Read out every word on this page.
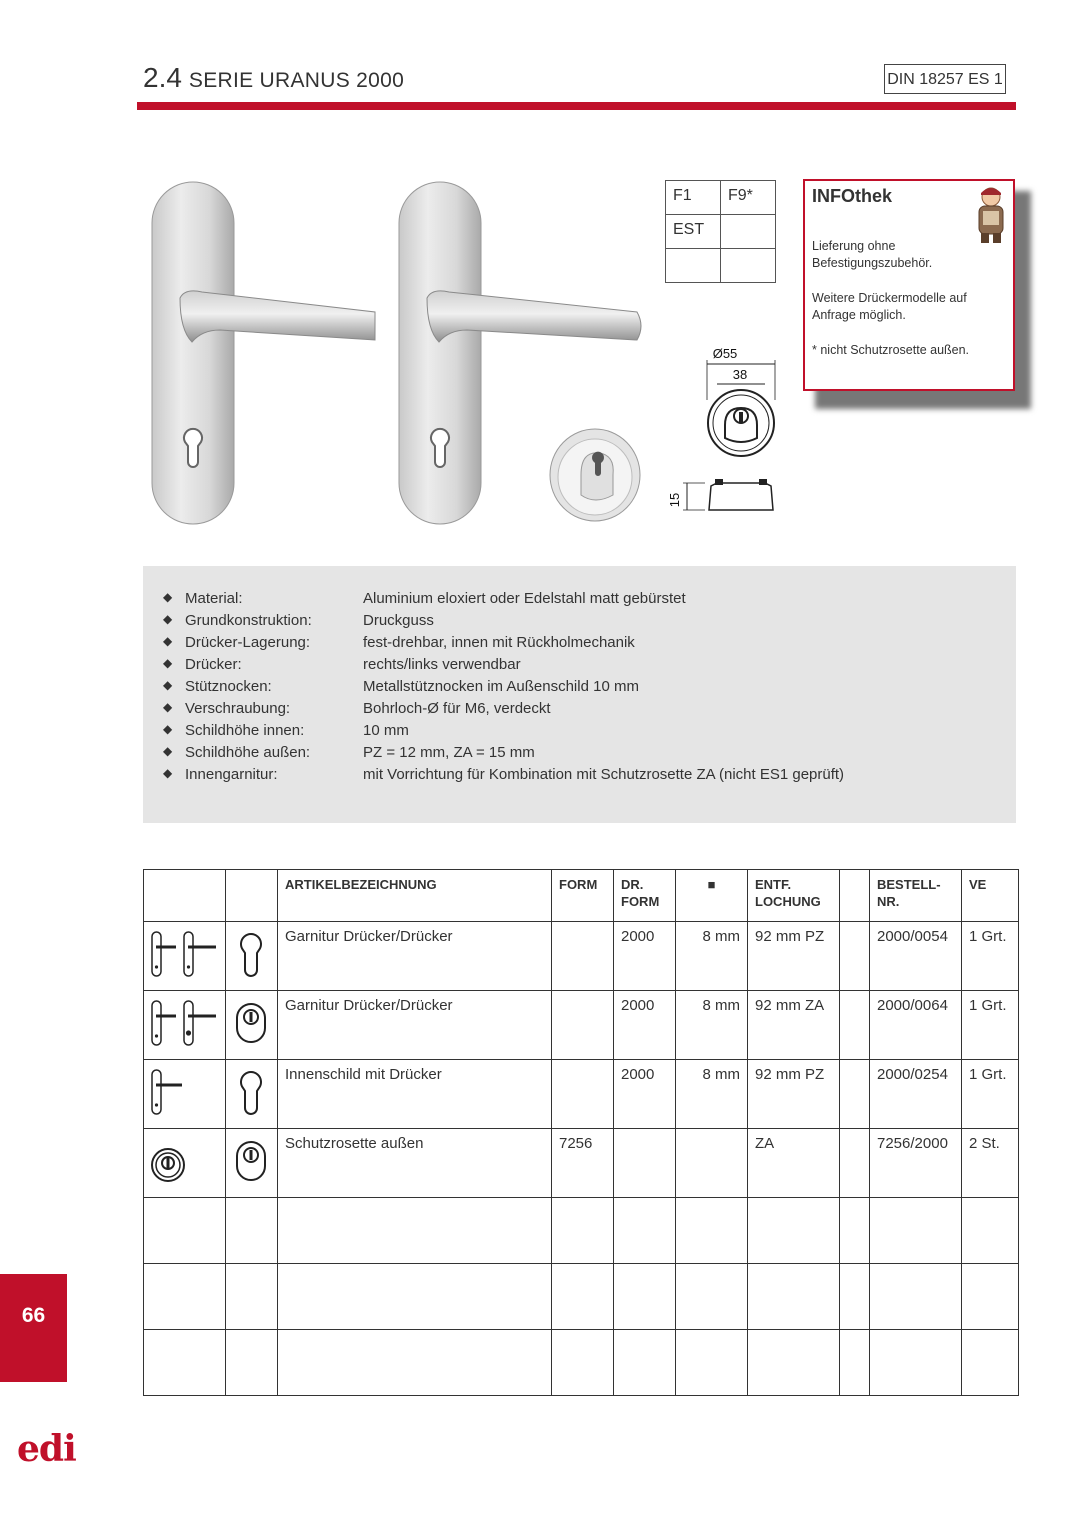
2.4 SERIE URANUS 2000	DIN 18257 ES 1
Ø55
38
15
F1	F9*
EST	

INFOthek

Lieferung ohne Befestigungszubehör.

Weitere Drückermodelle auf Anfrage möglich.

* nicht Schutzrosette außen.

◆ Material:	Aluminium eloxiert oder Edelstahl matt gebürstet
◆ Grundkonstruktion:	Druckguss
◆ Drücker-Lagerung:	fest-drehbar, innen mit Rückholmechanik
◆ Drücker:	rechts/links verwendbar
◆ Stütznocken:	Metallstütznocken im Außenschild 10 mm
◆ Verschraubung:	Bohrloch-Ø für M6, verdeckt
◆ Schildhöhe innen:	10 mm
◆ Schildhöhe außen:	PZ = 12 mm, ZA = 15 mm
◆ Innengarnitur:	mit Vorrichtung für Kombination mit Schutzrosette ZA (nicht ES1 geprüft)
		ARTIKELBEZEICHNUNG	FORM	DR. FORM	■	ENTF. LOCHUNG		BESTELL-NR.	VE
		Garnitur Drücker/Drücker		2000	8 mm	92 mm PZ		2000/0054	1 Grt.
		Garnitur Drücker/Drücker		2000	8 mm	92 mm ZA		2000/0064	1 Grt.
		Innenschild mit Drücker		2000	8 mm	92 mm PZ		2000/0254	1 Grt.
		Schutzrosette außen	7256			ZA		7256/2000	2 St.

66
edi
